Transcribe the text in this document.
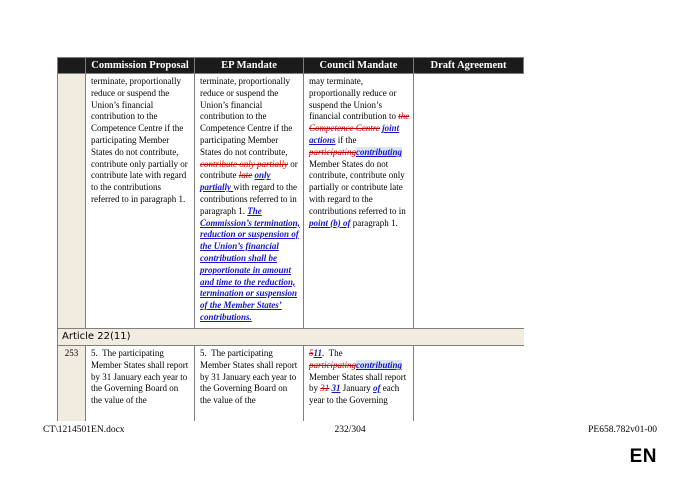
	Commission Proposal	EP Mandate	Council Mandate	Draft Agreement
	terminate, proportionally reduce or suspend the Union’s financial contribution to the Competence Centre if the participating Member States do not contribute, contribute only partially or contribute late with regard to the contributions referred to in paragraph 1.	terminate, proportionally reduce or suspend the Union’s financial contribution to the Competence Centre if the participating Member States do not contribute, contribute only partially or contribute late only partially with regard to the contributions referred to in paragraph 1. The Commission’s termination, reduction or suspension of the Union’s financial contribution shall be proportionate in amount and time to the reduction, termination or suspension of the Member States’ contributions.	may terminate, proportionally reduce or suspend the Union’s financial contribution to the Competence Centre joint actions if the participatingcontributing Member States do not contribute, contribute only partially or contribute late with regard to the contributions referred to in point (b) of paragraph 1.	
Article 22(11)				
253	5.  The participating Member States shall report by 31 January each year to the Governing Board on the value of the	5.  The participating Member States shall report by 31 January each year to the Governing Board on the value of the	511.  The participatingcontributing Member States shall report by 31 31 January of each year to the Governing	
CT\1214501EN.docx	232/304	PE658.782v01-00
EN
